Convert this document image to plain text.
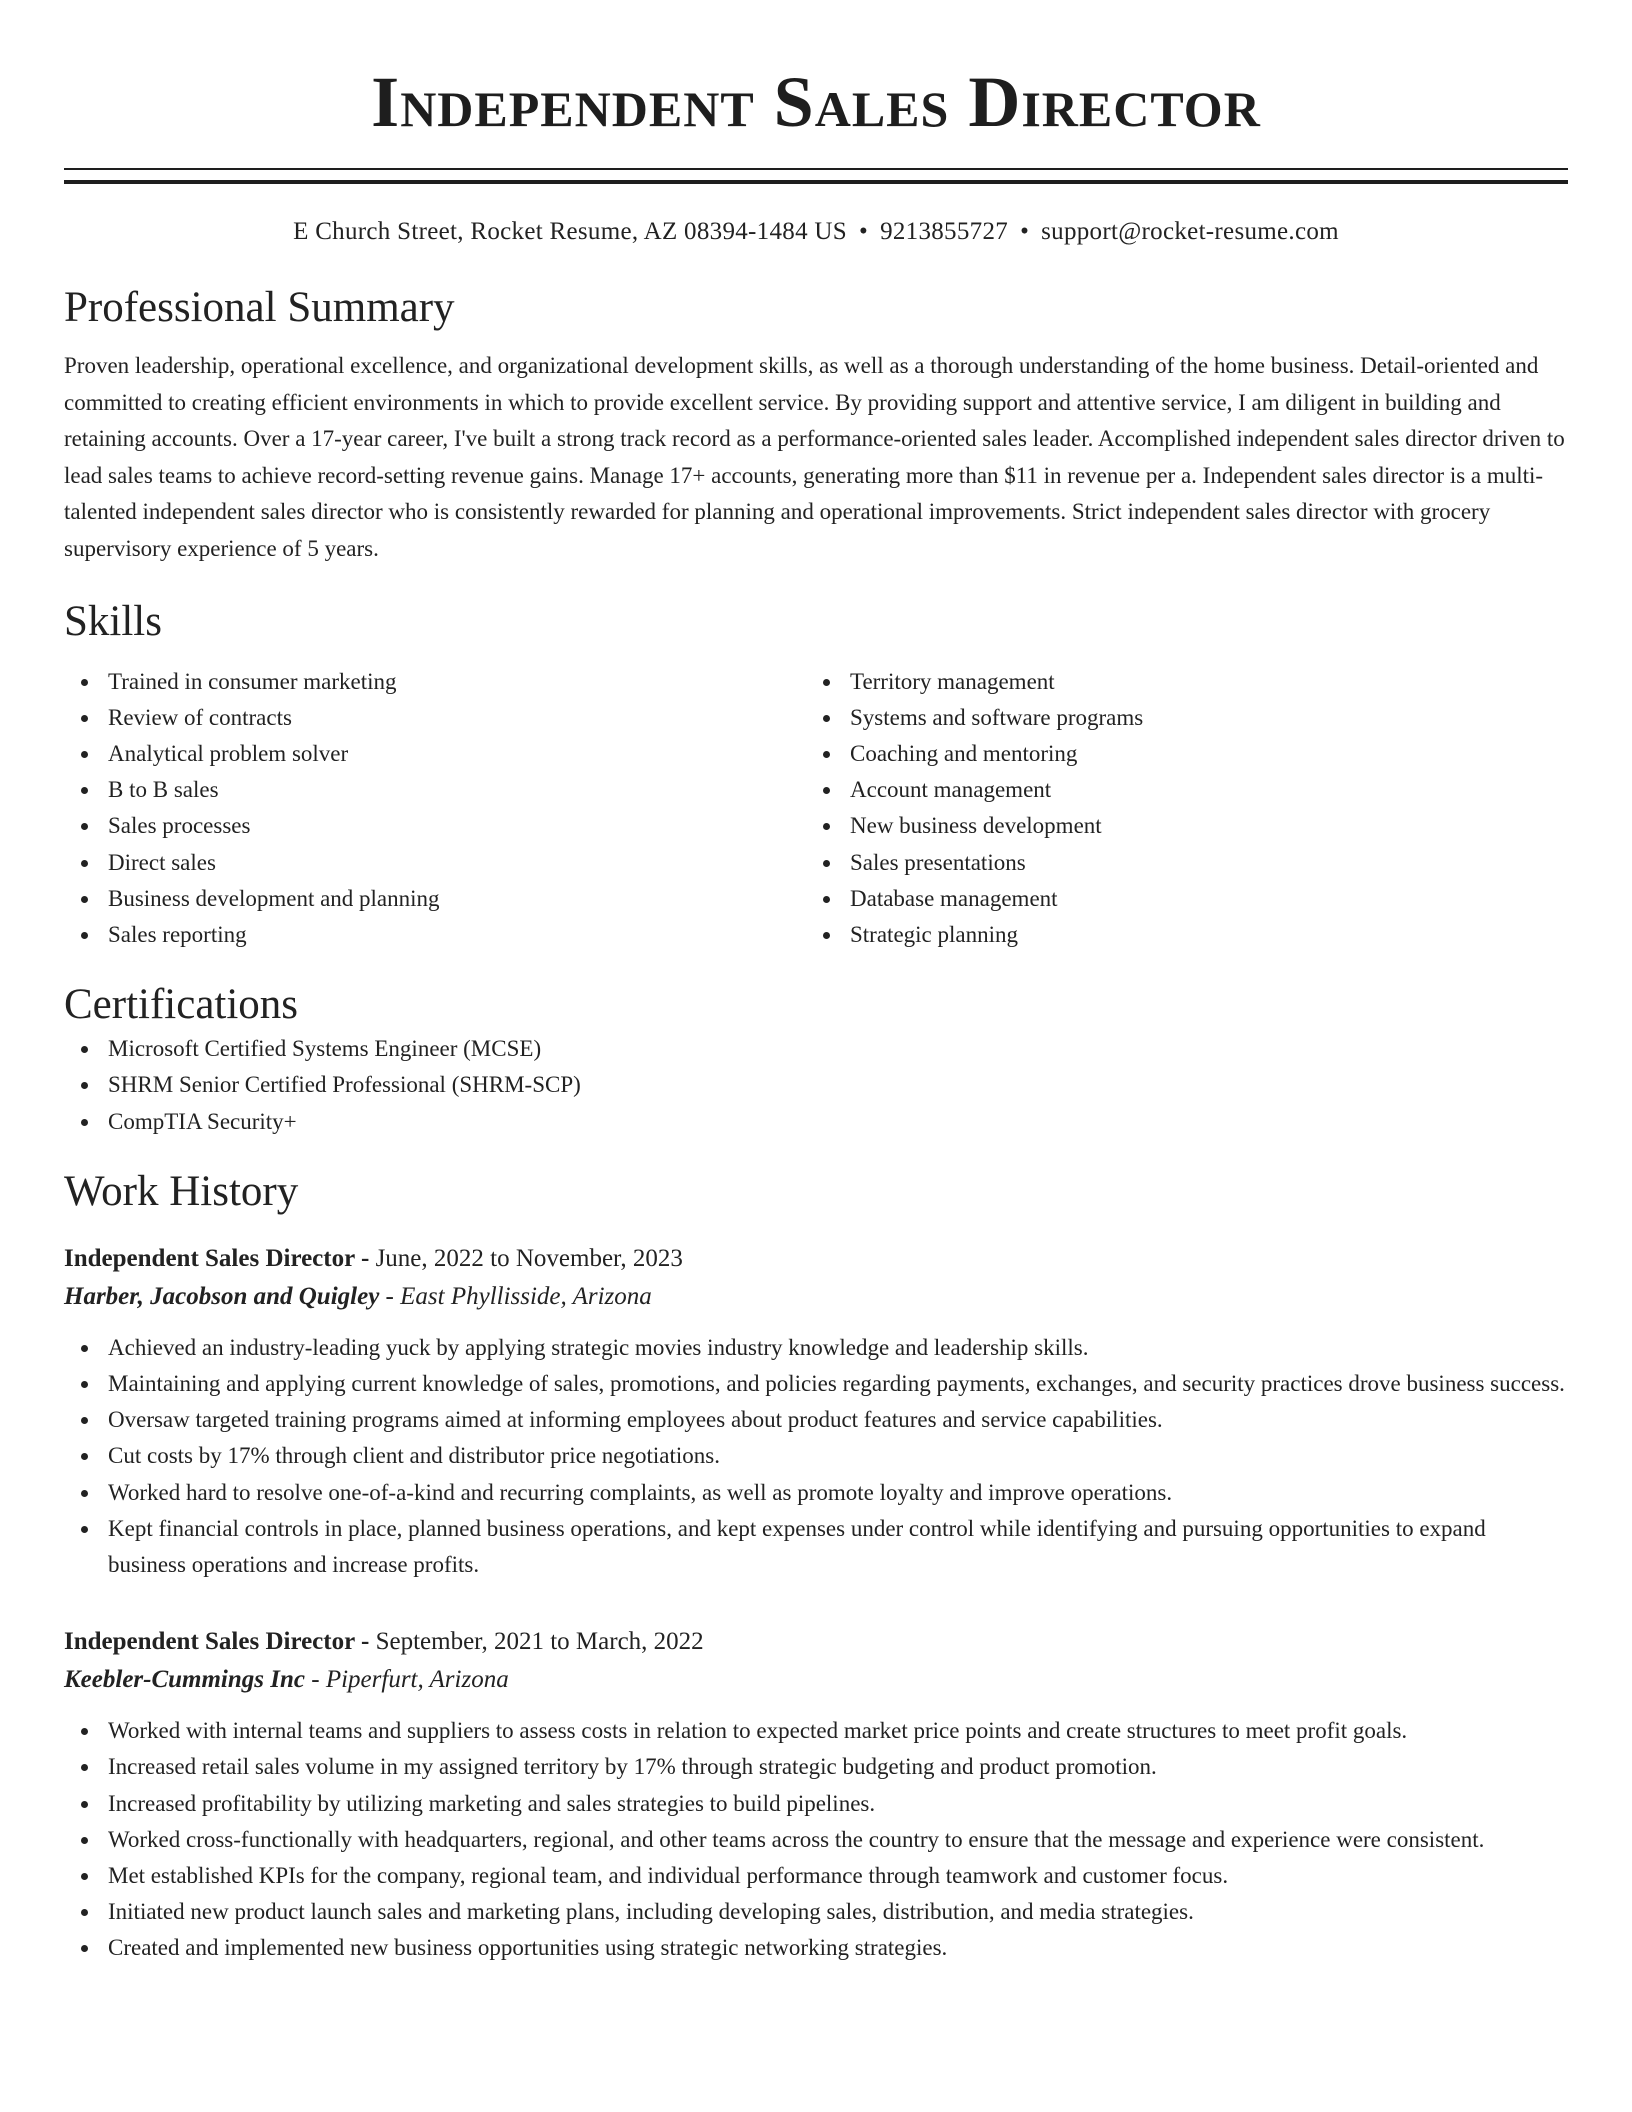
Independent Sales Director
E Church Street, Rocket Resume, AZ 08394-1484 US • 9213855727 • support@rocket-resume.com
Professional Summary

Proven leadership, operational excellence, and organizational development skills, as well as a thorough understanding of the home business. Detail-oriented and committed to creating efficient environments in which to provide excellent service. By providing support and attentive service, I am diligent in building and retaining accounts. Over a 17-year career, I've built a strong track record as a performance-oriented sales leader. Accomplished independent sales director driven to lead sales teams to achieve record-setting revenue gains. Manage 17+ accounts, generating more than $11 in revenue per a. Independent sales director is a multi-talented independent sales director who is consistently rewarded for planning and operational improvements. Strict independent sales director with grocery supervisory experience of 5 years.

Skills
Trained in consumer marketing
Review of contracts
Analytical problem solver
B to B sales
Sales processes
Direct sales
Business development and planning
Sales reporting
Territory management
Systems and software programs
Coaching and mentoring
Account management
New business development
Sales presentations
Database management
Strategic planning
Certifications
Microsoft Certified Systems Engineer (MCSE)
SHRM Senior Certified Professional (SHRM-SCP)
CompTIA Security+
Work History
Independent Sales Director - June, 2022 to November, 2023
Harber, Jacobson and Quigley - East Phyllisside, Arizona
Achieved an industry-leading yuck by applying strategic movies industry knowledge and leadership skills.
Maintaining and applying current knowledge of sales, promotions, and policies regarding payments, exchanges, and security practices drove business success.
Oversaw targeted training programs aimed at informing employees about product features and service capabilities.
Cut costs by 17% through client and distributor price negotiations.
Worked hard to resolve one-of-a-kind and recurring complaints, as well as promote loyalty and improve operations.
Kept financial controls in place, planned business operations, and kept expenses under control while identifying and pursuing opportunities to expand business operations and increase profits.
Independent Sales Director - September, 2021 to March, 2022
Keebler-Cummings Inc - Piperfurt, Arizona
Worked with internal teams and suppliers to assess costs in relation to expected market price points and create structures to meet profit goals.
Increased retail sales volume in my assigned territory by 17% through strategic budgeting and product promotion.
Increased profitability by utilizing marketing and sales strategies to build pipelines.
Worked cross-functionally with headquarters, regional, and other teams across the country to ensure that the message and experience were consistent.
Met established KPIs for the company, regional team, and individual performance through teamwork and customer focus.
Initiated new product launch sales and marketing plans, including developing sales, distribution, and media strategies.
Created and implemented new business opportunities using strategic networking strategies.
